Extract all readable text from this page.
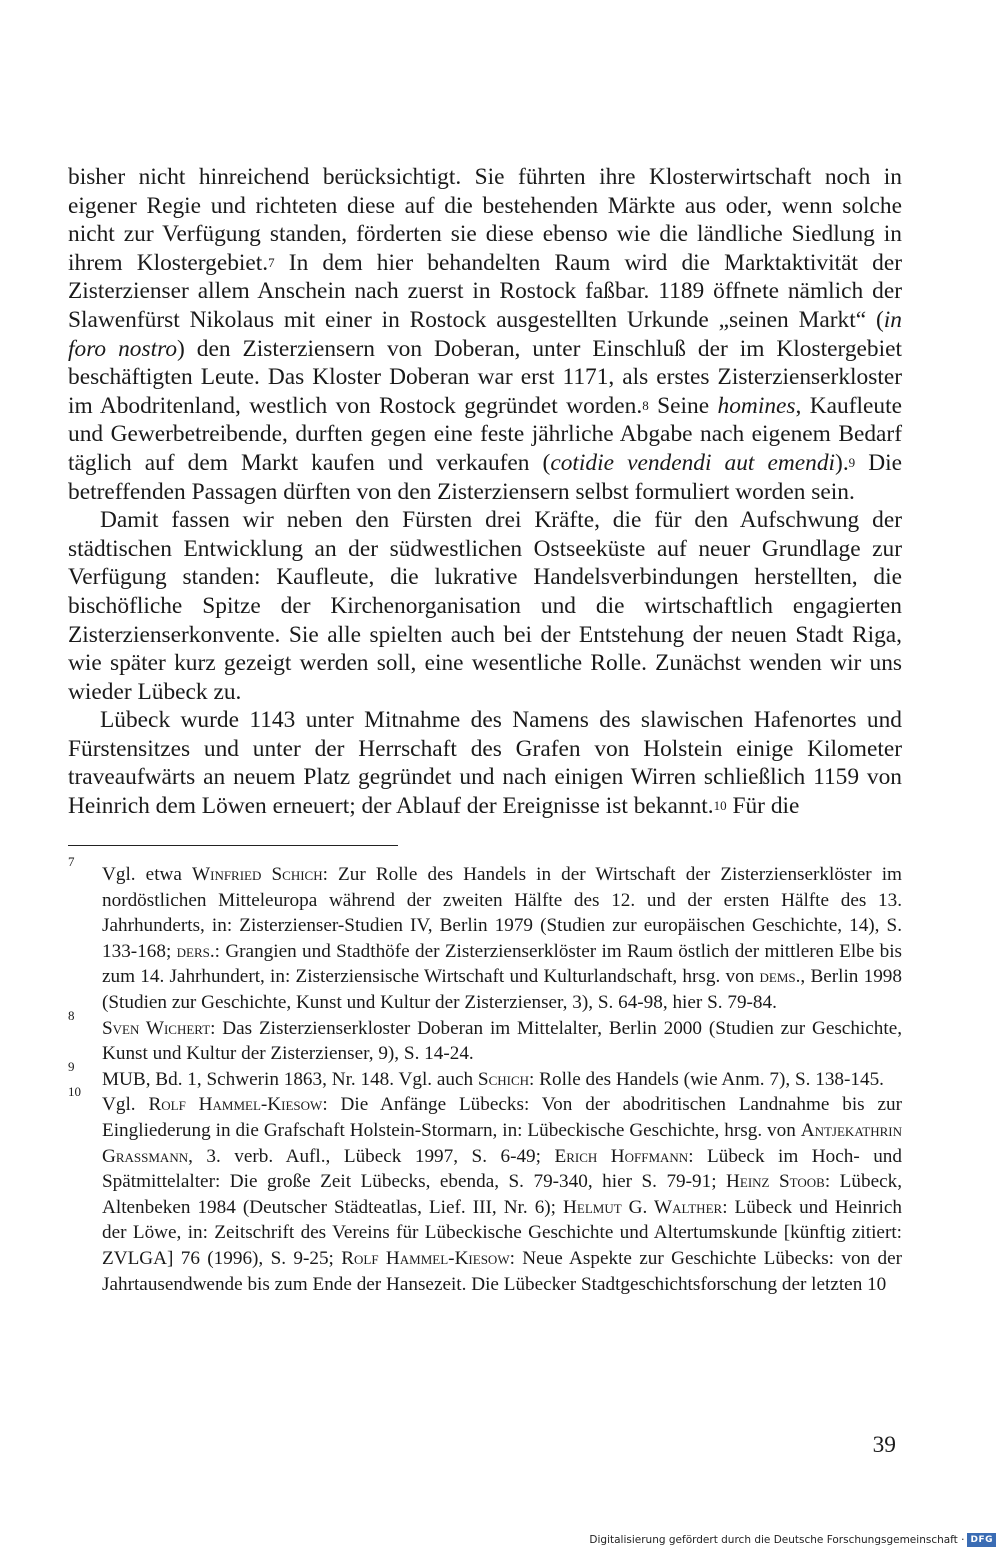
bisher nicht hinreichend berücksichtigt. Sie führten ihre Klosterwirtschaft noch in eigener Regie und richteten diese auf die bestehenden Märkte aus oder, wenn solche nicht zur Verfügung standen, förderten sie diese ebenso wie die ländliche Siedlung in ihrem Klostergebiet.$^7$ In dem hier behandelten Raum wird die Marktaktivität der Zisterzienser allem Anschein nach zuerst in Rostock faßbar. 1189 öffnete nämlich der Slawenfürst Nikolaus mit einer in Rostock ausgestellten Urkunde „seinen Markt“ (in foro nostro) den Zisterziensern von Doberan, unter Einschluß der im Klostergebiet beschäftigten Leute. Das Kloster Doberan war erst 1171, als erstes Zisterzienserkloster im Abodritenland, westlich von Rostock gegründet worden.$^8$ Seine homines, Kaufleute und Gewerbetreibende, durften gegen eine feste jährliche Abgabe nach eigenem Bedarf täglich auf dem Markt kaufen und verkaufen (cotidie vendendi aut emendi).$^9$ Die betreffenden Passagen dürften von den Zisterziensern selbst formuliert worden sein.

Damit fassen wir neben den Fürsten drei Kräfte, die für den Aufschwung der städtischen Entwicklung an der südwestlichen Ostseeküste auf neuer Grundlage zur Verfügung standen: Kaufleute, die lukrative Handelsverbindungen herstellten, die bischöfliche Spitze der Kirchenorganisation und die wirtschaftlich engagierten Zisterzienserkonvente. Sie alle spielten auch bei der Entstehung der neuen Stadt Riga, wie später kurz gezeigt werden soll, eine wesentliche Rolle. Zunächst wenden wir uns wieder Lübeck zu.

Lübeck wurde 1143 unter Mitnahme des Namens des slawischen Hafenortes und Fürstensitzes und unter der Herrschaft des Grafen von Holstein einige Kilometer traveaufwärts an neuem Platz gegründet und nach einigen Wirren schließlich 1159 von Heinrich dem Löwen erneuert; der Ablauf der Ereignisse ist bekannt.$^{10}$ Für die

7
Vgl. etwa Winfried Schich: Zur Rolle des Handels in der Wirtschaft der Zisterzienserklöster im nordöstlichen Mitteleuropa während der zweiten Hälfte des 12. und der ersten Hälfte des 13. Jahrhunderts, in: Zisterzienser-Studien IV, Berlin 1979 (Studien zur europäischen Geschichte, 14), S. 133-168; ders.: Grangien und Stadthöfe der Zisterzienserklöster im Raum östlich der mittleren Elbe bis zum 14. Jahrhundert, in: Zisterziensische Wirtschaft und Kulturlandschaft, hrsg. von dems., Berlin 1998 (Studien zur Geschichte, Kunst und Kultur der Zisterzienser, 3), S. 64-98, hier S. 79-84.
8
Sven Wichert: Das Zisterzienserkloster Doberan im Mittelalter, Berlin 2000 (Studien zur Geschichte, Kunst und Kultur der Zisterzienser, 9), S. 14-24.
9
MUB, Bd. 1, Schwerin 1863, Nr. 148. Vgl. auch Schich: Rolle des Handels (wie Anm. 7), S. 138-145.
10
Vgl. Rolf Hammel-Kiesow: Die Anfänge Lübecks: Von der abodritischen Landnahme bis zur Eingliederung in die Grafschaft Holstein-Stormarn, in: Lübeckische Geschichte, hrsg. von Antjekathrin Grassmann, 3. verb. Aufl., Lübeck 1997, S. 6-49; Erich Hoffmann: Lübeck im Hoch- und Spätmittelalter: Die große Zeit Lübecks, ebenda, S. 79-340, hier S. 79-91; Heinz Stoob: Lübeck, Altenbeken 1984 (Deutscher Städteatlas, Lief. III, Nr. 6); Helmut G. Walther: Lübeck und Heinrich der Löwe, in: Zeitschrift des Vereins für Lübeckische Geschichte und Altertumskunde [künftig zitiert: ZVLGA] 76 (1996), S. 9-25; Rolf Hammel-Kiesow: Neue Aspekte zur Geschichte Lübecks: von der Jahrtausendwende bis zum Ende der Hansezeit. Die Lübecker Stadtgeschichtsforschung der letzten 10
39
Digitalisierung gefördert durch die Deutsche Forschungsgemeinschaft · DFG
